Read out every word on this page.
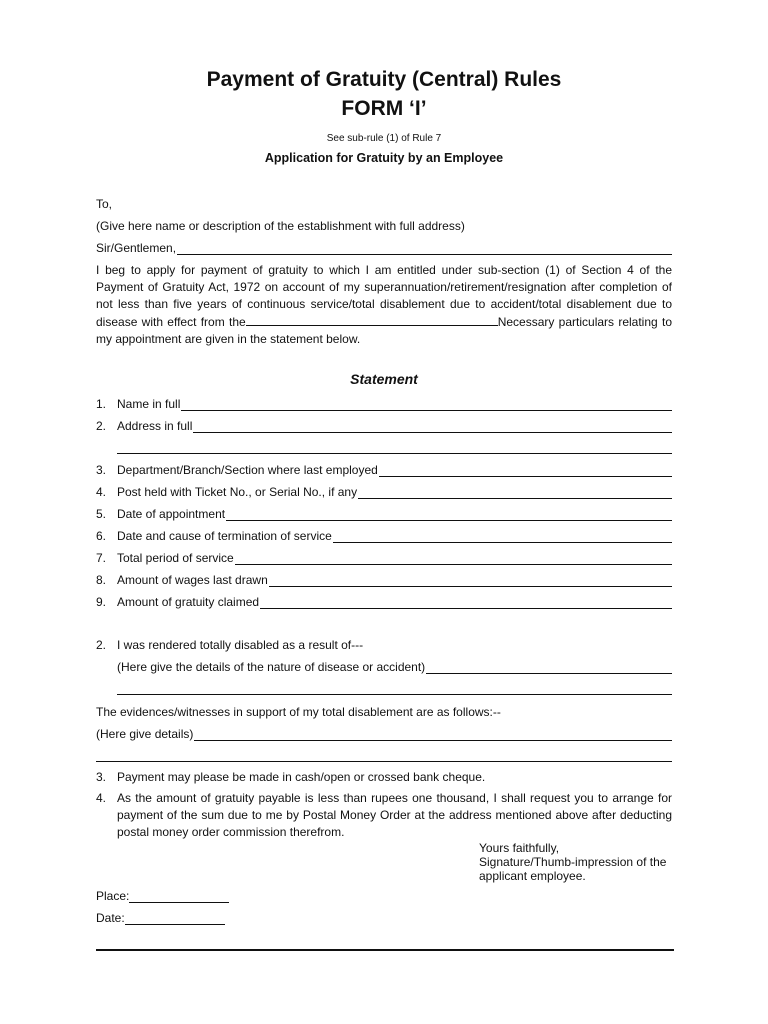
Payment of Gratuity (Central) Rules
FORM ‘I’
See sub-rule (1) of Rule 7
Application for Gratuity by an Employee
To,
(Give here name or description of the establishment with full address)
Sir/Gentlemen,
I beg to apply for payment of gratuity to which I am entitled under sub-section (1) of Section 4 of the Payment of Gratuity Act, 1972 on account of my superannuation/retirement/resignation after completion of not less than five years of continuous service/total disablement due to accident/total disablement due to disease with effect from the	Necessary particulars relating to my appointment are given in the statement below.
Statement
1. Name in full
2. Address in full
3. Department/Branch/Section where last employed
4. Post held with Ticket No., or Serial No., if any
5. Date of appointment
6. Date and cause of termination of service
7. Total period of service
8. Amount of wages last drawn
9. Amount of gratuity claimed
2. I was rendered totally disabled as a result of---
(Here give the details of the nature of disease or accident)
The evidences/witnesses in support of my total disablement are as follows:--
(Here give details)
3. Payment may please be made in cash/open or crossed bank cheque.
4. As the amount of gratuity payable is less than rupees one thousand, I shall request you to arrange for payment of the sum due to me by Postal Money Order at the address mentioned above after deducting postal money order commission therefrom.
Yours faithfully,
Signature/Thumb-impression of the
applicant employee.
Place:
Date:
